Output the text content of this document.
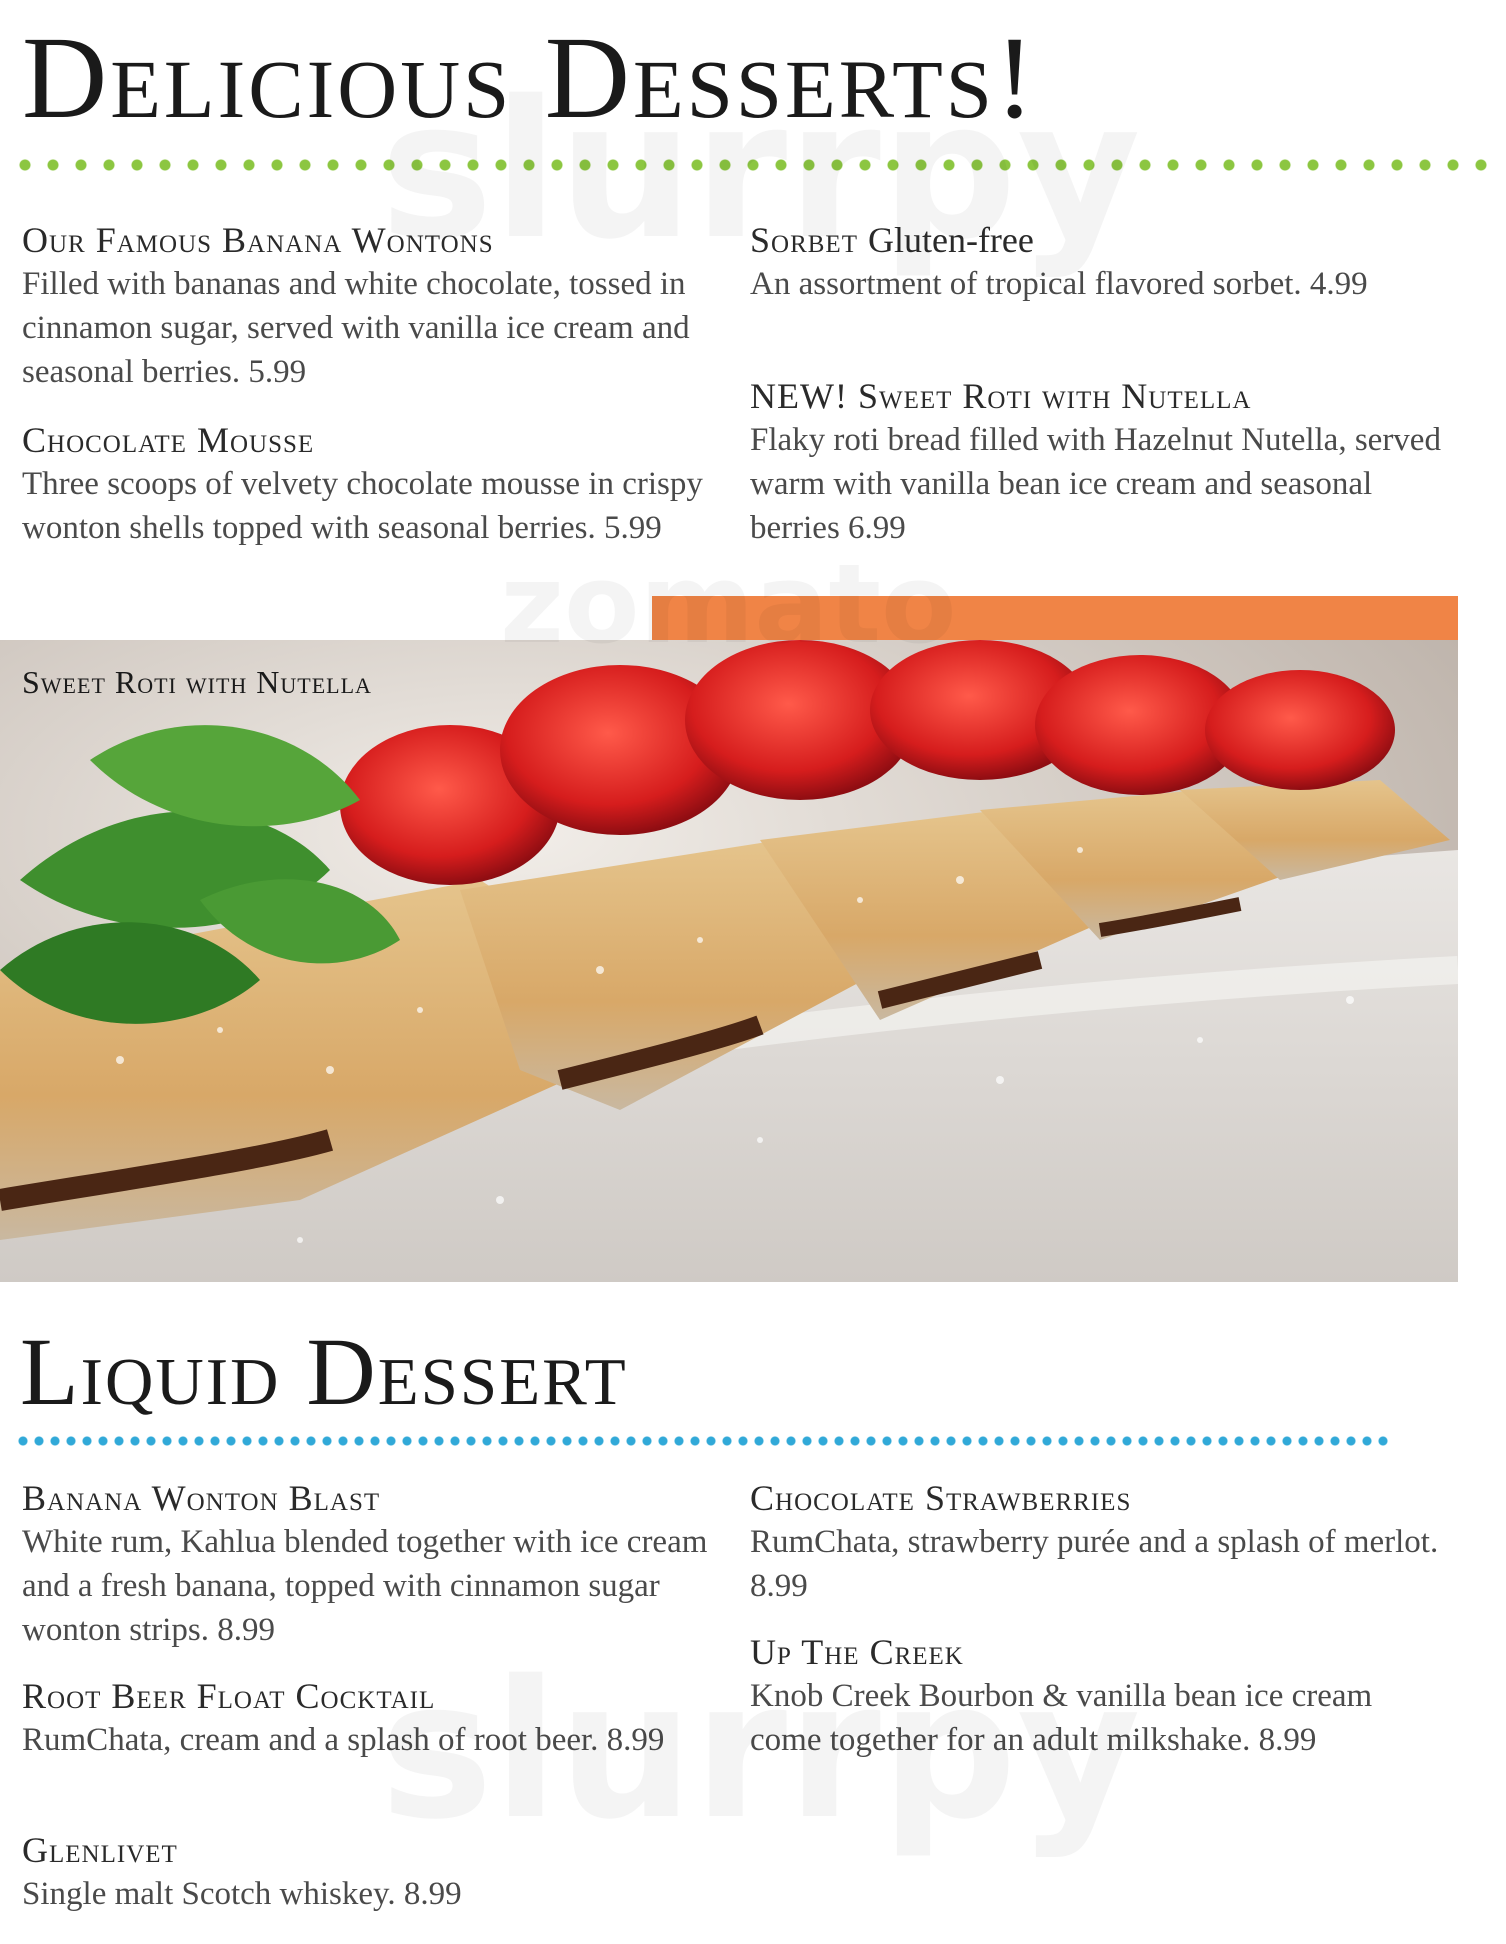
Delicious Desserts!
Our Famous Banana Wontons
Filled with bananas and white chocolate, tossed in cinnamon sugar, served with vanilla ice cream and seasonal berries. 5.99
Chocolate Mousse
Three scoops of velvety chocolate mousse in crispy wonton shells topped with seasonal berries. 5.99
Sorbet Gluten-free
An assortment of tropical flavored sorbet. 4.99
NEW! Sweet Roti with Nutella
Flaky roti bread filled with Hazelnut Nutella, served warm with vanilla bean ice cream and seasonal berries 6.99
Sweet Roti with Nutella
Liquid Dessert
Banana Wonton Blast
White rum, Kahlua blended together with ice cream and a fresh banana, topped with cinnamon sugar wonton strips. 8.99
Root Beer Float Cocktail
RumChata, cream and a splash of root beer. 8.99
Glenlivet
Single malt Scotch whiskey. 8.99
Chocolate Strawberries
RumChata, strawberry purée and a splash of merlot. 8.99
Up The Creek
Knob Creek Bourbon & vanilla bean ice cream come together for an adult milkshake. 8.99
